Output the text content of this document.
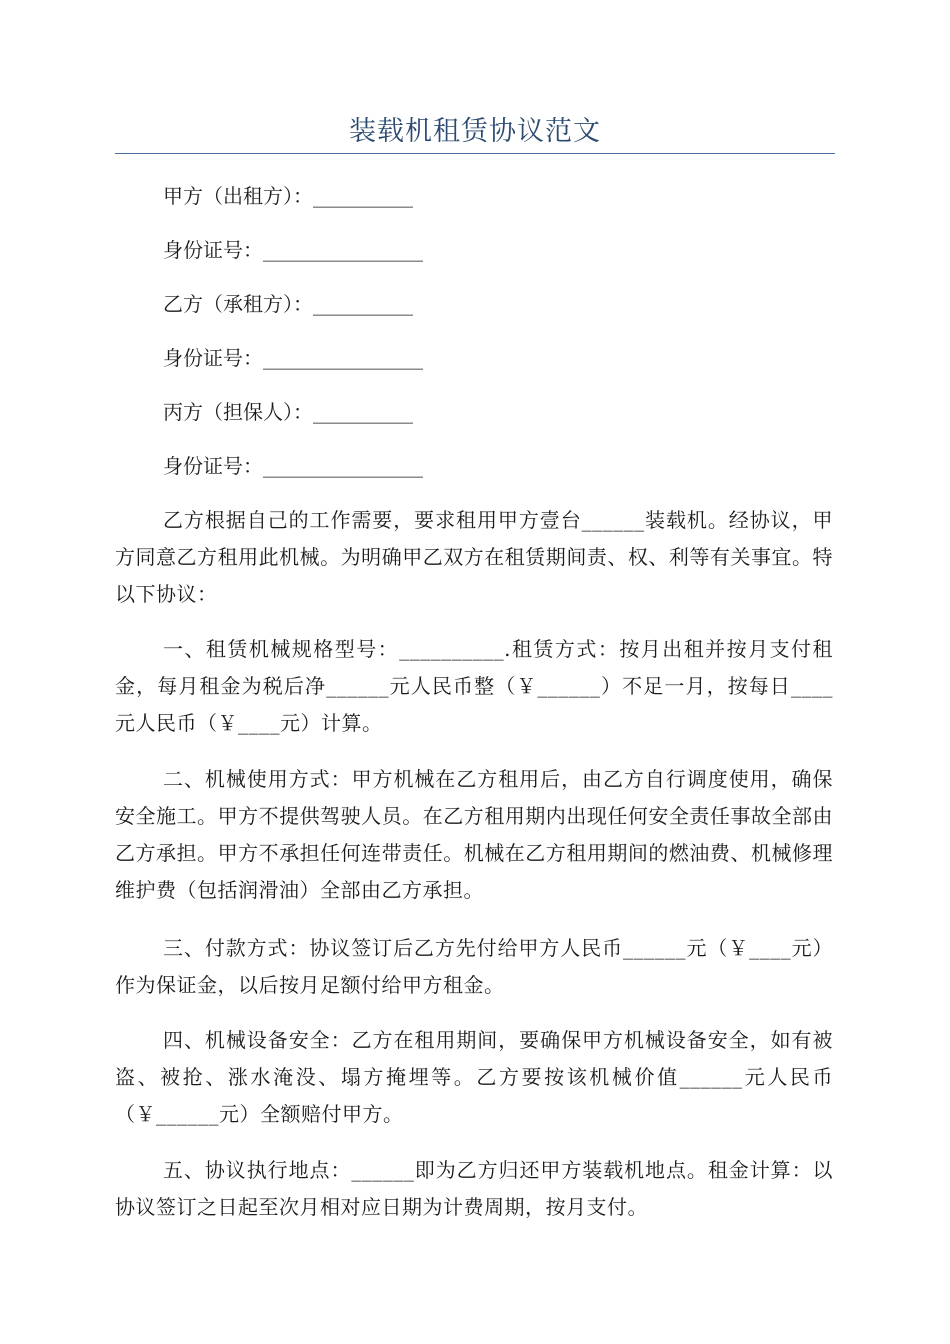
装载机租赁协议范文
甲方（出租方）：__________
身份证号：________________
乙方（承租方）：__________
身份证号：________________
丙方（担保人）：__________
身份证号：________________
乙方根据自己的工作需要，要求租用甲方壹台______装载机。经协议，甲方同意乙方租用此机械。为明确甲乙双方在租赁期间责、权、利等有关事宜。特以下协议：
一、租赁机械规格型号：__________.租赁方式：按月出租并按月支付租金，每月租金为税后净______元人民币整（￥______）不足一月，按每日____元人民币（￥____元）计算。
二、机械使用方式：甲方机械在乙方租用后，由乙方自行调度使用，确保安全施工。甲方不提供驾驶人员。在乙方租用期内出现任何安全责任事故全部由乙方承担。甲方不承担任何连带责任。机械在乙方租用期间的燃油费、机械修理维护费（包括润滑油）全部由乙方承担。
三、付款方式：协议签订后乙方先付给甲方人民币______元（￥____元）作为保证金，以后按月足额付给甲方租金。
四、机械设备安全：乙方在租用期间，要确保甲方机械设备安全，如有被盗、被抢、涨水淹没、塌方掩埋等。乙方要按该机械价值______元人民币（￥______元）全额赔付甲方。
五、协议执行地点：______即为乙方归还甲方装载机地点。租金计算：以协议签订之日起至次月相对应日期为计费周期，按月支付。
